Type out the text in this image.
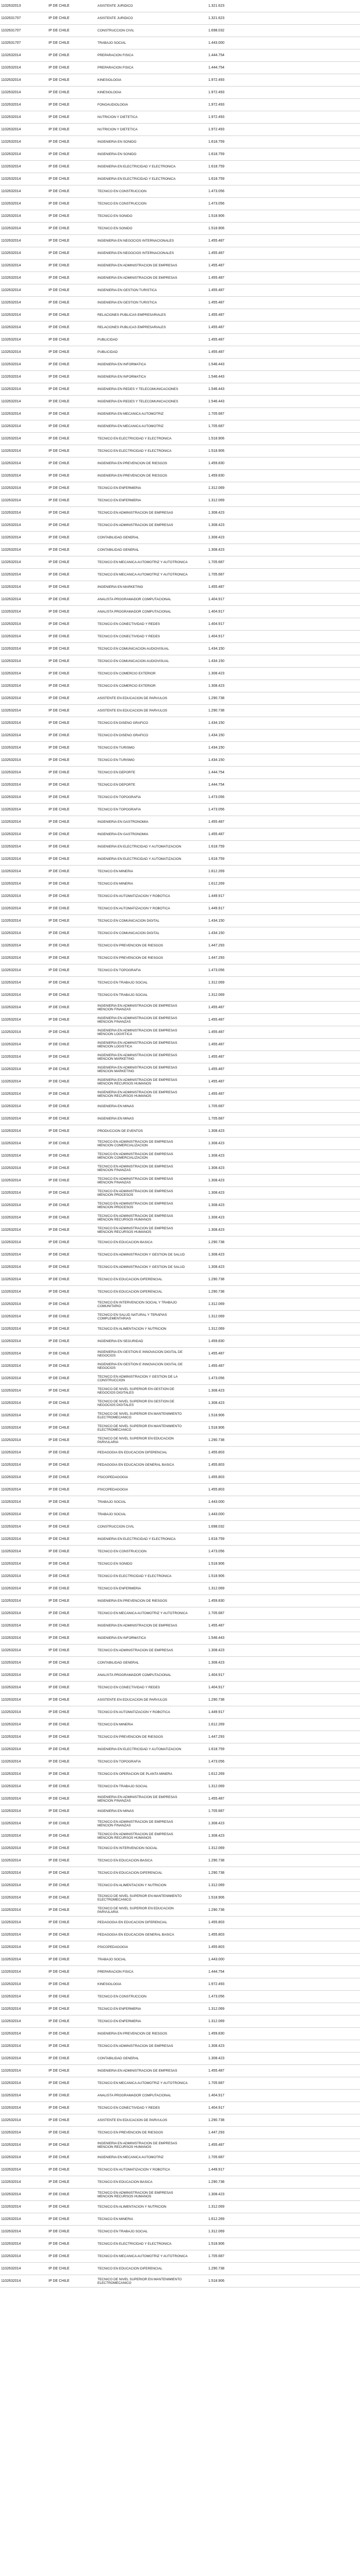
1102632013	IP DE CHILE	ASISTENTE JURIDICO	1.321.623
1102631707	IP DE CHILE	ASISTENTE JURIDICO	1.321.623
1102631707	IP DE CHILE	CONSTRUCCION CIVIL	1.698.032
1102631707	IP DE CHILE	TRABAJO SOCIAL	1.443.000
1102632014	IP DE CHILE	PREPARACION FISICA	1.444.754
1102632014	IP DE CHILE	PREPARACION FISICA	1.444.754
1102632014	IP DE CHILE	KINESIOLOGIA	1.972.493
1102632014	IP DE CHILE	KINESIOLOGIA	1.972.493
1102632014	IP DE CHILE	FONOAUDIOLOGIA	1.972.493
1102632014	IP DE CHILE	NUTRICION Y DIETETICA	1.972.493
1102632014	IP DE CHILE	NUTRICION Y DIETETICA	1.972.493
1102632014	IP DE CHILE	INGENIERIA EN SONIDO	1.618.759
1102632014	IP DE CHILE	INGENIERIA EN SONIDO	1.618.759
1102632014	IP DE CHILE	INGENIERIA EN ELECTRICIDAD Y ELECTRONICA	1.618.759
1102632014	IP DE CHILE	INGENIERIA EN ELECTRICIDAD Y ELECTRONICA	1.618.759
1102632014	IP DE CHILE	TECNICO EN CONSTRUCCION	1.473.056
1102632014	IP DE CHILE	TECNICO EN CONSTRUCCION	1.473.056
1102632014	IP DE CHILE	TECNICO EN SONIDO	1.518.906
1102632014	IP DE CHILE	TECNICO EN SONIDO	1.518.906
1102632014	IP DE CHILE	INGENIERIA EN NEGOCIOS INTERNACIONALES	1.455.487
1102632014	IP DE CHILE	INGENIERIA EN NEGOCIOS INTERNACIONALES	1.455.487
1102632014	IP DE CHILE	INGENIERIA EN ADMINISTRACION DE EMPRESAS	1.455.487
1102632014	IP DE CHILE	INGENIERIA EN ADMINISTRACION DE EMPRESAS	1.455.487
1102632014	IP DE CHILE	INGENIERIA EN GESTION TURISTICA	1.455.487
1102632014	IP DE CHILE	INGENIERIA EN GESTION TURISTICA	1.455.487
1102632014	IP DE CHILE	RELACIONES PUBLICAS EMPRESARIALES	1.455.487
1102632014	IP DE CHILE	RELACIONES PUBLICAS EMPRESARIALES	1.455.487
1102632014	IP DE CHILE	PUBLICIDAD	1.455.487
1102632014	IP DE CHILE	PUBLICIDAD	1.455.487
1102632014	IP DE CHILE	INGENIERIA EN INFORMATICA	1.546.443
1102632014	IP DE CHILE	INGENIERIA EN INFORMATICA	1.546.443
1102632014	IP DE CHILE	INGENIERIA EN REDES Y TELECOMUNICACIONES	1.546.443
1102632014	IP DE CHILE	INGENIERIA EN REDES Y TELECOMUNICACIONES	1.546.443
1102632014	IP DE CHILE	INGENIERIA EN MECANICA AUTOMOTRIZ	1.705.687
1102632014	IP DE CHILE	INGENIERIA EN MECANICA AUTOMOTRIZ	1.705.687
1102632014	IP DE CHILE	TECNICO EN ELECTRICIDAD Y ELECTRONICA	1.518.906
1102632014	IP DE CHILE	TECNICO EN ELECTRICIDAD Y ELECTRONICA	1.518.906
1102632014	IP DE CHILE	INGENIERIA EN PREVENCION DE RIESGOS	1.459.830
1102632014	IP DE CHILE	INGENIERIA EN PREVENCION DE RIESGOS	1.459.830
1102632014	IP DE CHILE	TECNICO EN ENFERMERIA	1.312.069
1102632014	IP DE CHILE	TECNICO EN ENFERMERIA	1.312.069
1102632014	IP DE CHILE	TECNICO EN ADMINISTRACION DE EMPRESAS	1.308.423
1102632014	IP DE CHILE	TECNICO EN ADMINISTRACION DE EMPRESAS	1.308.423
1102632014	IP DE CHILE	CONTABILIDAD GENERAL	1.308.423
1102632014	IP DE CHILE	CONTABILIDAD GENERAL	1.308.423
1102632014	IP DE CHILE	TECNICO EN MECANICA AUTOMOTRIZ Y AUTOTRONICA	1.705.687
1102632014	IP DE CHILE	TECNICO EN MECANICA AUTOMOTRIZ Y AUTOTRONICA	1.705.687
1102632014	IP DE CHILE	INGENIERIA EN MARKETING	1.455.487
1102632014	IP DE CHILE	ANALISTA PROGRAMADOR COMPUTACIONAL	1.404.917
1102632014	IP DE CHILE	ANALISTA PROGRAMADOR COMPUTACIONAL	1.404.917
1102632014	IP DE CHILE	TECNICO EN CONECTIVIDAD Y REDES	1.404.917
1102632014	IP DE CHILE	TECNICO EN CONECTIVIDAD Y REDES	1.404.917
1102632014	IP DE CHILE	TECNICO EN COMUNICACION AUDIOVISUAL	1.434.150
1102632014	IP DE CHILE	TECNICO EN COMUNICACION AUDIOVISUAL	1.434.150
1102632014	IP DE CHILE	TECNICO EN COMERCIO EXTERIOR	1.308.423
1102632014	IP DE CHILE	TECNICO EN COMERCIO EXTERIOR	1.308.423
1102632014	IP DE CHILE	ASISTENTE EN EDUCACION DE PARVULOS	1.290.738
1102632014	IP DE CHILE	ASISTENTE EN EDUCACION DE PARVULOS	1.290.738
1102632014	IP DE CHILE	TECNICO EN DISEÑO GRAFICO	1.434.150
1102632014	IP DE CHILE	TECNICO EN DISEÑO GRAFICO	1.434.150
1102632014	IP DE CHILE	TECNICO EN TURISMO	1.434.150
1102632014	IP DE CHILE	TECNICO EN TURISMO	1.434.150
1102632014	IP DE CHILE	TECNICO EN DEPORTE	1.444.754
1102632014	IP DE CHILE	TECNICO EN DEPORTE	1.444.754
1102632014	IP DE CHILE	TECNICO EN TOPOGRAFIA	1.473.056
1102632014	IP DE CHILE	TECNICO EN TOPOGRAFIA	1.473.056
1102632014	IP DE CHILE	INGENIERIA EN GASTRONOMIA	1.455.487
1102632014	IP DE CHILE	INGENIERIA EN GASTRONOMIA	1.455.487
1102632014	IP DE CHILE	INGENIERIA EN ELECTRICIDAD Y AUTOMATIZACION	1.618.759
1102632014	IP DE CHILE	INGENIERIA EN ELECTRICIDAD Y AUTOMATIZACION	1.618.759
1102632014	IP DE CHILE	TECNICO EN MINERIA	1.612.269
1102632014	IP DE CHILE	TECNICO EN MINERIA	1.612.269
1102632014	IP DE CHILE	TECNICO EN AUTOMATIZACION Y ROBOTICA	1.449.917
1102632014	IP DE CHILE	TECNICO EN AUTOMATIZACION Y ROBOTICA	1.449.917
1102632014	IP DE CHILE	TECNICO EN COMUNICACION DIGITAL	1.434.150
1102632014	IP DE CHILE	TECNICO EN COMUNICACION DIGITAL	1.434.150
1102632014	IP DE CHILE	TECNICO EN PREVENCION DE RIESGOS	1.447.293
1102632014	IP DE CHILE	TECNICO EN PREVENCION DE RIESGOS	1.447.293
1102632014	IP DE CHILE	TECNICO EN TOPOGRAFIA	1.473.056
1102632014	IP DE CHILE	TECNICO EN TRABAJO SOCIAL	1.312.069
1102632014	IP DE CHILE	TECNICO EN TRABAJO SOCIAL	1.312.069
1102632014	IP DE CHILE	INGENIERIA EN ADMINISTRACION DE EMPRESAS MENCION FINANZAS
1.455.487
1102632014	IP DE CHILE	INGENIERIA EN ADMINISTRACION DE EMPRESAS MENCION FINANZAS
1.455.487
1102632014	IP DE CHILE	INGENIERIA EN ADMINISTRACION DE EMPRESAS MENCION LOGISTICA
1.455.487
1102632014	IP DE CHILE	INGENIERIA EN ADMINISTRACION DE EMPRESAS MENCION LOGISTICA
1.455.487
1102632014	IP DE CHILE	INGENIERIA EN ADMINISTRACION DE EMPRESAS MENCION MARKETING
1.455.487
1102632014	IP DE CHILE	INGENIERIA EN ADMINISTRACION DE EMPRESAS MENCION MARKETING
1.455.487
1102632014	IP DE CHILE	INGENIERIA EN ADMINISTRACION DE EMPRESAS MENCION RECURSOS HUMANOS
1.455.487
1102632014	IP DE CHILE	INGENIERIA EN ADMINISTRACION DE EMPRESAS MENCION RECURSOS HUMANOS
1.455.487
1102632014	IP DE CHILE	INGENIERIA EN MINAS	1.705.687
1102632014	IP DE CHILE	INGENIERIA EN MINAS	1.705.687
1102632014	IP DE CHILE	PRODUCCION DE EVENTOS	1.308.423
1102632014	IP DE CHILE	TECNICO EN ADMINISTRACION DE EMPRESAS MENCION COMERCIALIZACION
1.308.423
1102632014	IP DE CHILE	TECNICO EN ADMINISTRACION DE EMPRESAS MENCION COMERCIALIZACION
1.308.423
1102632014	IP DE CHILE	TECNICO EN ADMINISTRACION DE EMPRESAS MENCION FINANZAS
1.308.423
1102632014	IP DE CHILE	TECNICO EN ADMINISTRACION DE EMPRESAS MENCION FINANZAS
1.308.423
1102632014	IP DE CHILE	TECNICO EN ADMINISTRACION DE EMPRESAS MENCION PROCESOS
1.308.423
1102632014	IP DE CHILE	TECNICO EN ADMINISTRACION DE EMPRESAS MENCION PROCESOS
1.308.423
1102632014	IP DE CHILE	TECNICO EN ADMINISTRACION DE EMPRESAS MENCION RECURSOS HUMANOS
1.308.423
1102632014	IP DE CHILE	TECNICO EN ADMINISTRACION DE EMPRESAS MENCION RECURSOS HUMANOS
1.308.423
1102632014	IP DE CHILE	TECNICO EN EDUCACION BASICA	1.290.738
1102632014	IP DE CHILE	TECNICO EN ADMINISTRACION Y GESTION DE SALUD	1.308.423
1102632014	IP DE CHILE	TECNICO EN ADMINISTRACION Y GESTION DE SALUD	1.308.423
1102632014	IP DE CHILE	TECNICO EN EDUCACION DIFERENCIAL	1.290.738
1102632014	IP DE CHILE	TECNICO EN EDUCACION DIFERENCIAL	1.290.738
1102632014	IP DE CHILE	TECNICO EN INTERVENCION SOCIAL Y TRABAJO COMUNITARIO
1.312.069
1102632014	IP DE CHILE	TECNICO EN SALUD NATURAL Y TERAPIAS COMPLEMENTARIAS
1.312.069
1102632014	IP DE CHILE	TECNICO EN ALIMENTACION Y NUTRICION	1.312.069
1102632014	IP DE CHILE	INGENIERIA EN SEGURIDAD	1.459.830
1102632014	IP DE CHILE	INGENIERIA EN GESTION E INNOVACION DIGITAL DE NEGOCIOS
1.455.487
1102632014	IP DE CHILE	INGENIERIA EN GESTION E INNOVACION DIGITAL DE NEGOCIOS
1.455.487
1102632014	IP DE CHILE	TECNICO EN ADMINISTRACION Y GESTION DE LA CONSTRUCCION
1.473.056
1102632014	IP DE CHILE	TECNICO DE NIVEL SUPERIOR EN GESTION DE NEGOCIOS DIGITALES
1.308.423
1102632014	IP DE CHILE	TECNICO DE NIVEL SUPERIOR EN GESTION DE NEGOCIOS DIGITALES
1.308.423
1102632014	IP DE CHILE	TECNICO DE NIVEL SUPERIOR EN MANTENIMIENTO ELECTROMECANICO
1.518.906
1102632014	IP DE CHILE	TECNICO DE NIVEL SUPERIOR EN MANTENIMIENTO ELECTROMECANICO
1.518.906
1102632014	IP DE CHILE	TECNICO DE NIVEL SUPERIOR EN EDUCACION PARVULARIA
1.290.738
1102632014	IP DE CHILE	PEDAGOGIA EN EDUCACION DIFERENCIAL	1.455.803
1102632014	IP DE CHILE	PEDAGOGIA EN EDUCACION GENERAL BASICA	1.455.803
1102632014	IP DE CHILE	PSICOPEDAGOGIA	1.455.803
1102632014	IP DE CHILE	PSICOPEDAGOGIA	1.455.803
1102632014	IP DE CHILE	TRABAJO SOCIAL	1.443.000
1102632014	IP DE CHILE	TRABAJO SOCIAL	1.443.000
1102632014	IP DE CHILE	CONSTRUCCION CIVIL	1.698.032
1102632014	IP DE CHILE	INGENIERIA EN ELECTRICIDAD Y ELECTRONICA	1.618.759
1102632014	IP DE CHILE	TECNICO EN CONSTRUCCION	1.473.056
1102632014	IP DE CHILE	TECNICO EN SONIDO	1.518.906
1102632014	IP DE CHILE	TECNICO EN ELECTRICIDAD Y ELECTRONICA	1.518.906
1102632014	IP DE CHILE	TECNICO EN ENFERMERIA	1.312.069
1102632014	IP DE CHILE	INGENIERIA EN PREVENCION DE RIESGOS	1.459.830
1102632014	IP DE CHILE	TECNICO EN MECANICA AUTOMOTRIZ Y AUTOTRONICA	1.705.687
1102632014	IP DE CHILE	INGENIERIA EN ADMINISTRACION DE EMPRESAS	1.455.487
1102632014	IP DE CHILE	INGENIERIA EN INFORMATICA	1.546.443
1102632014	IP DE CHILE	TECNICO EN ADMINISTRACION DE EMPRESAS	1.308.423
1102632014	IP DE CHILE	CONTABILIDAD GENERAL	1.308.423
1102632014	IP DE CHILE	ANALISTA PROGRAMADOR COMPUTACIONAL	1.404.917
1102632014	IP DE CHILE	TECNICO EN CONECTIVIDAD Y REDES	1.404.917
1102632014	IP DE CHILE	ASISTENTE EN EDUCACION DE PARVULOS	1.290.738
1102632014	IP DE CHILE	TECNICO EN AUTOMATIZACION Y ROBOTICA	1.449.917
1102632014	IP DE CHILE	TECNICO EN MINERIA	1.612.269
1102632014	IP DE CHILE	TECNICO EN PREVENCION DE RIESGOS	1.447.293
1102632014	IP DE CHILE	INGENIERIA EN ELECTRICIDAD Y AUTOMATIZACION	1.618.759
1102632014	IP DE CHILE	TECNICO EN TOPOGRAFIA	1.473.056
1102632014	IP DE CHILE	TECNICO EN OPERACION DE PLANTA MINERA	1.612.269
1102632014	IP DE CHILE	TECNICO EN TRABAJO SOCIAL	1.312.069
1102632014	IP DE CHILE	INGENIERIA EN ADMINISTRACION DE EMPRESAS MENCION FINANZAS
1.455.487
1102632014	IP DE CHILE	INGENIERIA EN MINAS	1.705.687
1102632014	IP DE CHILE	TECNICO EN ADMINISTRACION DE EMPRESAS MENCION FINANZAS
1.308.423
1102632014	IP DE CHILE	TECNICO EN ADMINISTRACION DE EMPRESAS MENCION RECURSOS HUMANOS
1.308.423
1102632014	IP DE CHILE	TECNICO EN INTERVENCION SOCIAL	1.312.069
1102632014	IP DE CHILE	TECNICO EN EDUCACION BASICA	1.290.738
1102632014	IP DE CHILE	TECNICO EN EDUCACION DIFERENCIAL	1.290.738
1102632014	IP DE CHILE	TECNICO EN ALIMENTACION Y NUTRICION	1.312.069
1102632014	IP DE CHILE	TECNICO DE NIVEL SUPERIOR EN MANTENIMIENTO ELECTROMECANICO
1.518.906
1102632014	IP DE CHILE	TECNICO DE NIVEL SUPERIOR EN EDUCACION PARVULARIA
1.290.738
1102632014	IP DE CHILE	PEDAGOGIA EN EDUCACION DIFERENCIAL	1.455.803
1102632014	IP DE CHILE	PEDAGOGIA EN EDUCACION GENERAL BASICA	1.455.803
1102632014	IP DE CHILE	PSICOPEDAGOGIA	1.455.803
1102632014	IP DE CHILE	TRABAJO SOCIAL	1.443.000
1102632014	IP DE CHILE	PREPARACION FISICA	1.444.754
1102632014	IP DE CHILE	KINESIOLOGIA	1.972.493
1102632014	IP DE CHILE	TECNICO EN CONSTRUCCION	1.473.056
1102632014	IP DE CHILE	TECNICO EN ENFERMERIA	1.312.069
1102632014	IP DE CHILE	TECNICO EN ENFERMERIA	1.312.069
1102632014	IP DE CHILE	INGENIERIA EN PREVENCION DE RIESGOS	1.459.830
1102632014	IP DE CHILE	TECNICO EN ADMINISTRACION DE EMPRESAS	1.308.423
1102632014	IP DE CHILE	CONTABILIDAD GENERAL	1.308.423
1102632014	IP DE CHILE	INGENIERIA EN ADMINISTRACION DE EMPRESAS	1.455.487
1102632014	IP DE CHILE	TECNICO EN MECANICA AUTOMOTRIZ Y AUTOTRONICA	1.705.687
1102632014	IP DE CHILE	ANALISTA PROGRAMADOR COMPUTACIONAL	1.404.917
1102632014	IP DE CHILE	TECNICO EN CONECTIVIDAD Y REDES	1.404.917
1102632014	IP DE CHILE	ASISTENTE EN EDUCACION DE PARVULOS	1.290.738
1102632014	IP DE CHILE	TECNICO EN PREVENCION DE RIESGOS	1.447.293
1102632014	IP DE CHILE	INGENIERIA EN ADMINISTRACION DE EMPRESAS MENCION RECURSOS HUMANOS
1.455.487
1102632014	IP DE CHILE	INGENIERIA EN MECANICA AUTOMOTRIZ	1.705.687
1102632014	IP DE CHILE	TECNICO EN AUTOMATIZACION Y ROBOTICA	1.449.917
1102632014	IP DE CHILE	TECNICO EN EDUCACION BASICA	1.290.738
1102632014	IP DE CHILE	TECNICO EN ADMINISTRACION DE EMPRESAS MENCION RECURSOS HUMANOS
1.308.423
1102632014	IP DE CHILE	TECNICO EN ALIMENTACION Y NUTRICION	1.312.069
1102632014	IP DE CHILE	TECNICO EN MINERIA	1.612.269
1102632014	IP DE CHILE	TECNICO EN TRABAJO SOCIAL	1.312.069
1102632014	IP DE CHILE	TECNICO EN ELECTRICIDAD Y ELECTRONICA	1.518.906
1102632014	IP DE CHILE	TECNICO EN MECANICA AUTOMOTRIZ Y AUTOTRONICA	1.705.687
1102632014	IP DE CHILE	TECNICO EN EDUCACION DIFERENCIAL	1.290.738
1102632014	IP DE CHILE	TECNICO DE NIVEL SUPERIOR EN MANTENIMIENTO ELECTROMECANICO
1.518.906
